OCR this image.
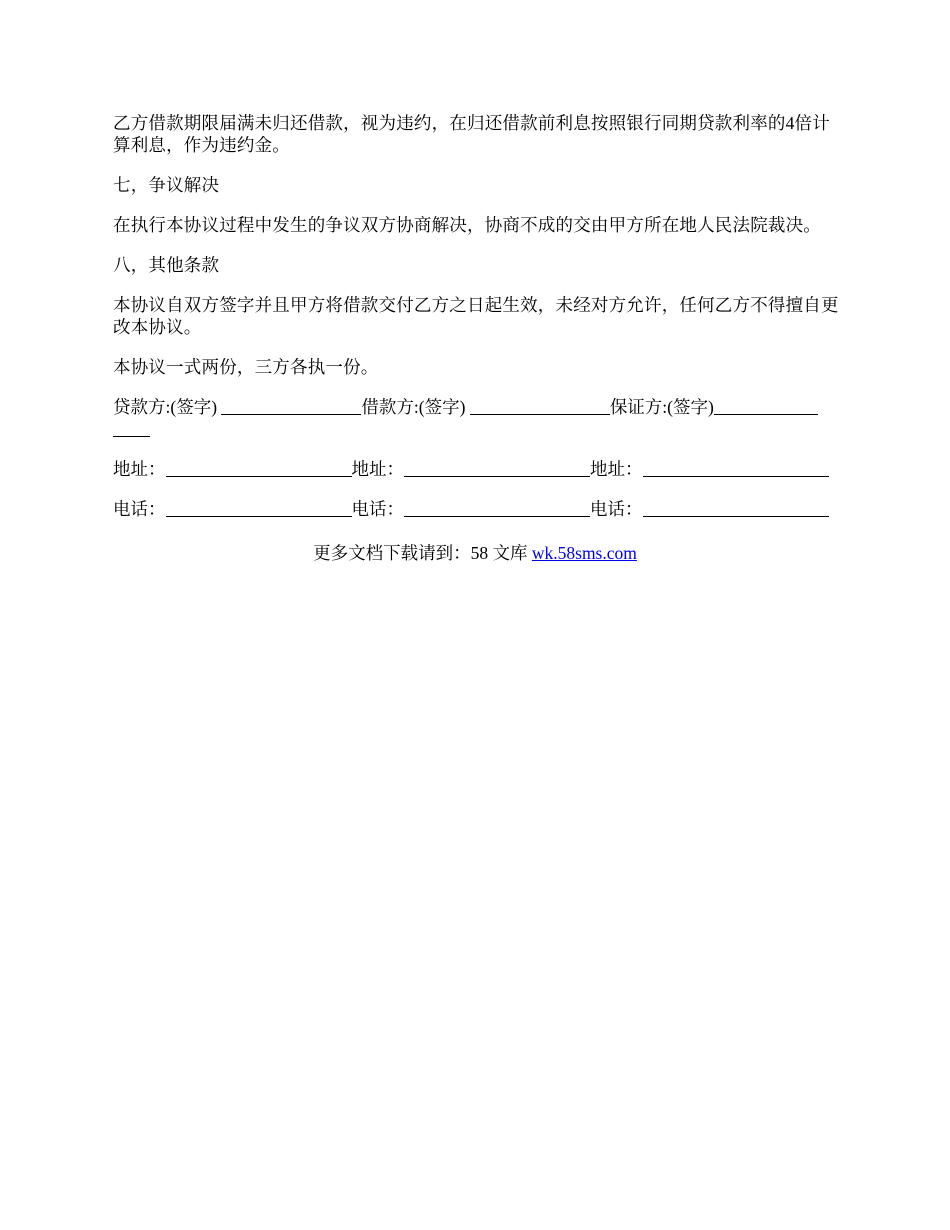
乙方借款期限届满未归还借款，视为违约，在归还借款前利息按照银行同期贷款利率的4倍计算利息，作为违约金。

七，争议解决

在执行本协议过程中发生的争议双方协商解决，协商不成的交由甲方所在地人民法院裁决。

八，其他条款

本协议自双方签字并且甲方将借款交付乙方之日起生效，未经对方允许，任何乙方不得擅自更改本协议。

本协议一式两份，三方各执一份。

贷款方:(签字)	借款方:(签字)	保证方:(签字)
地址：	地址：	地址：
电话：	电话：	电话：
更多文档下载请到：58 文库 wk.58sms.com
